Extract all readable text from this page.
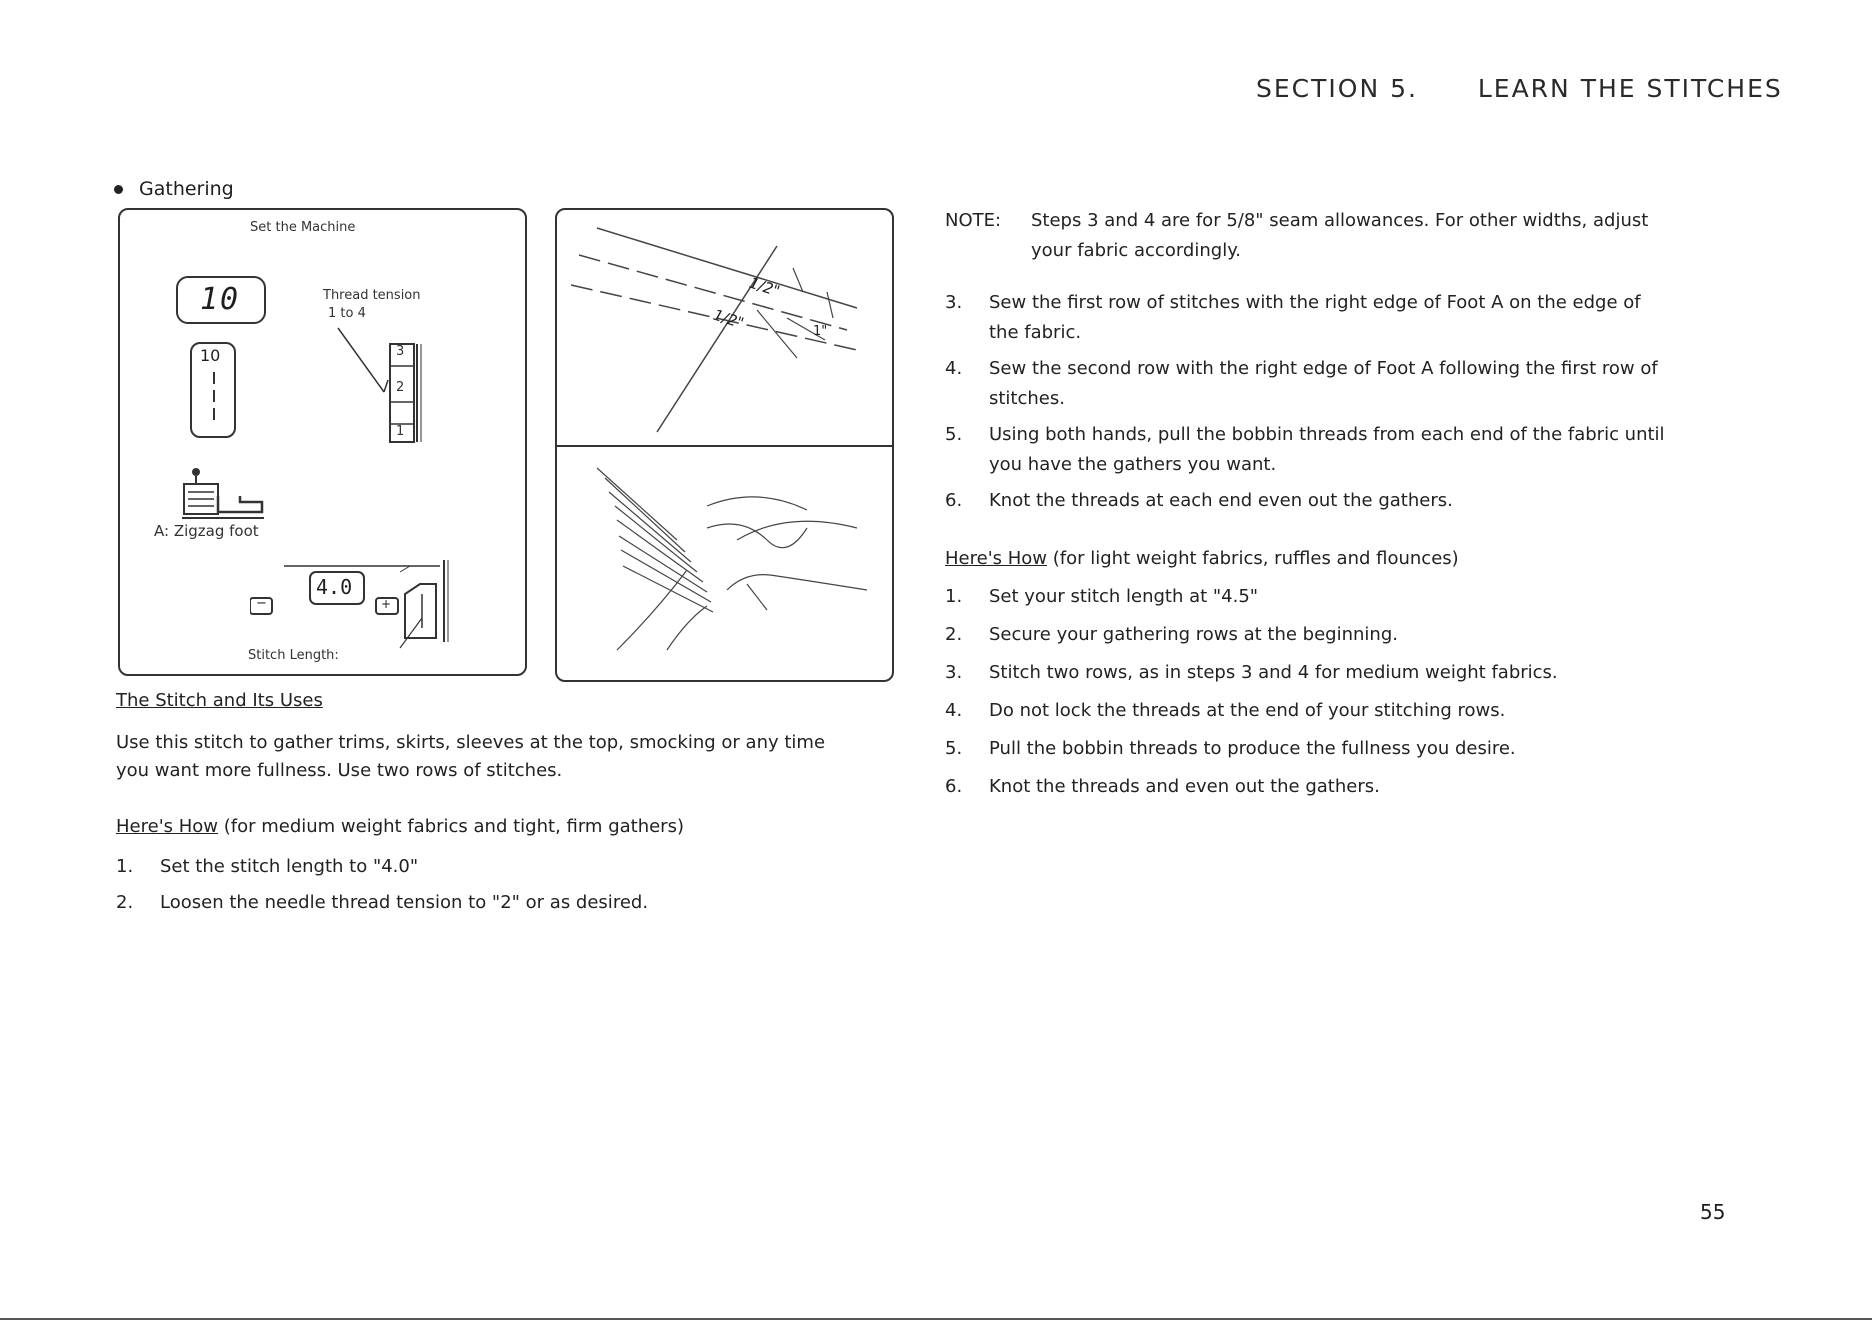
SECTION 5. LEARN THE STITCHES
Gathering
Set the Machine
10
10
Thread tension
1 to 4
3
2
1
A: Zigzag foot
4.0
−	+
Stitch Length:
1/2"
1/2"	1"
The Stitch and Its Uses
Use this stitch to gather trims, skirts, sleeves at the top, smocking or any time
you want more fullness. Use two rows of stitches.
Here's How (for medium weight fabrics and tight, firm gathers)
1. Set the stitch length to "4.0"
2. Loosen the needle thread tension to "2" or as desired.
NOTE: Steps 3 and 4 are for 5/8" seam allowances. For other widths, adjust
your fabric accordingly.
3. Sew the first row of stitches with the right edge of Foot A on the edge of
the fabric.
4. Sew the second row with the right edge of Foot A following the first row of
stitches.
5. Using both hands, pull the bobbin threads from each end of the fabric until
you have the gathers you want.
6. Knot the threads at each end even out the gathers.
Here's How (for light weight fabrics, ruffles and flounces)
1. Set your stitch length at "4.5"
2. Secure your gathering rows at the beginning.
3. Stitch two rows, as in steps 3 and 4 for medium weight fabrics.
4. Do not lock the threads at the end of your stitching rows.
5. Pull the bobbin threads to produce the fullness you desire.
6. Knot the threads and even out the gathers.
55
